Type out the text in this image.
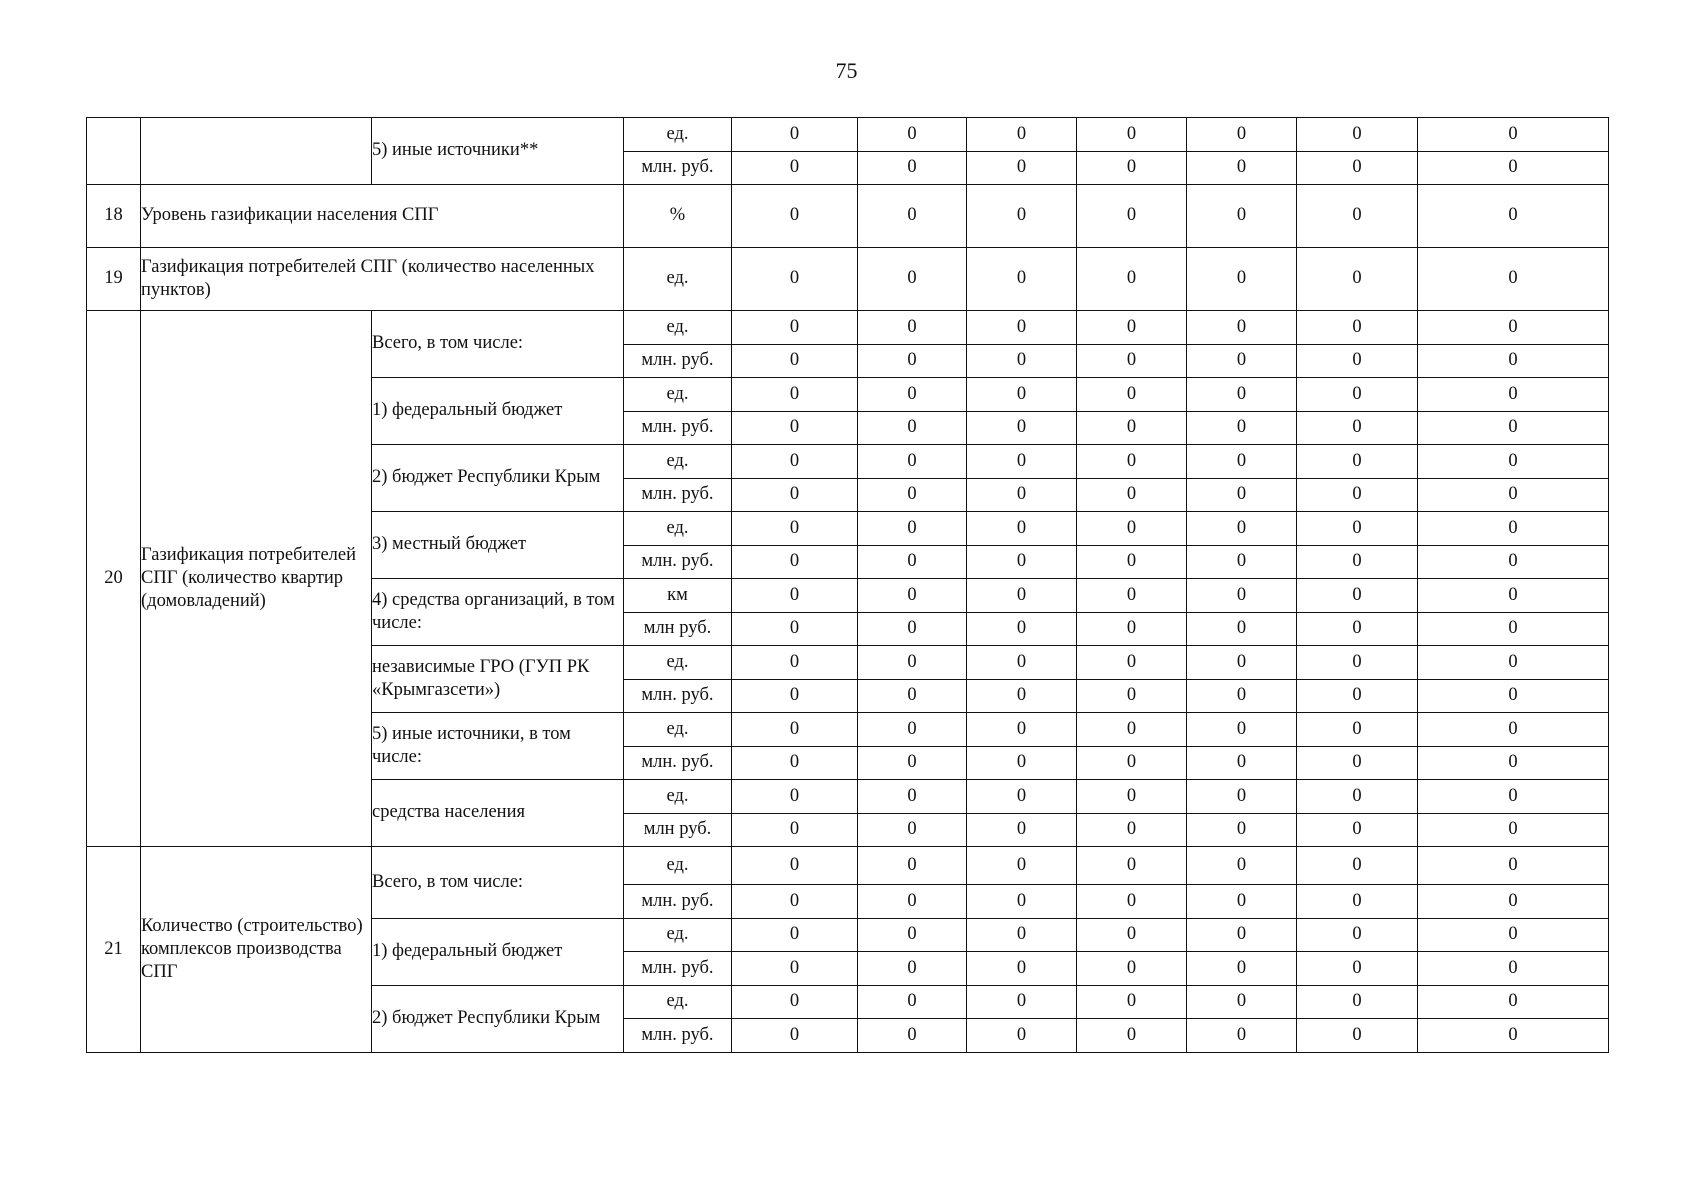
75
		5) иные источники**	ед.	0	0	0	0	0	0	0
			млн. руб.	0	0	0	0	0	0	0
18	Уровень газификации населения СПГ		%	0	0	0	0	0	0	0
19	Газификация потребителей СПГ (количество населенных пунктов)		ед.	0	0	0	0	0	0	0
20	Газификация потребителей СПГ (количество квартир (домовладений)	Всего, в том числе:	ед.	0	0	0	0	0	0	0
			млн. руб.	0	0	0	0	0	0	0
		1) федеральный бюджет	ед.	0	0	0	0	0	0	0
			млн. руб.	0	0	0	0	0	0	0
		2) бюджет Республики Крым	ед.	0	0	0	0	0	0	0
			млн. руб.	0	0	0	0	0	0	0
		3) местный бюджет	ед.	0	0	0	0	0	0	0
			млн. руб.	0	0	0	0	0	0	0
		4) средства организаций, в том числе:	км	0	0	0	0	0	0	0
			млн руб.	0	0	0	0	0	0	0
		независимые ГРО (ГУП РК «Крымгазсети»)	ед.	0	0	0	0	0	0	0
			млн. руб.	0	0	0	0	0	0	0
		5) иные источники, в том числе:	ед.	0	0	0	0	0	0	0
			млн. руб.	0	0	0	0	0	0	0
		средства населения	ед.	0	0	0	0	0	0	0
			млн руб.	0	0	0	0	0	0	0
21	Количество (строительство) комплексов производства СПГ	Всего, в том числе:	ед.	0	0	0	0	0	0	0
			млн. руб.	0	0	0	0	0	0	0
		1) федеральный бюджет	ед.	0	0	0	0	0	0	0
			млн. руб.	0	0	0	0	0	0	0
		2) бюджет Республики Крым	ед.	0	0	0	0	0	0	0
			млн. руб.	0	0	0	0	0	0	0
